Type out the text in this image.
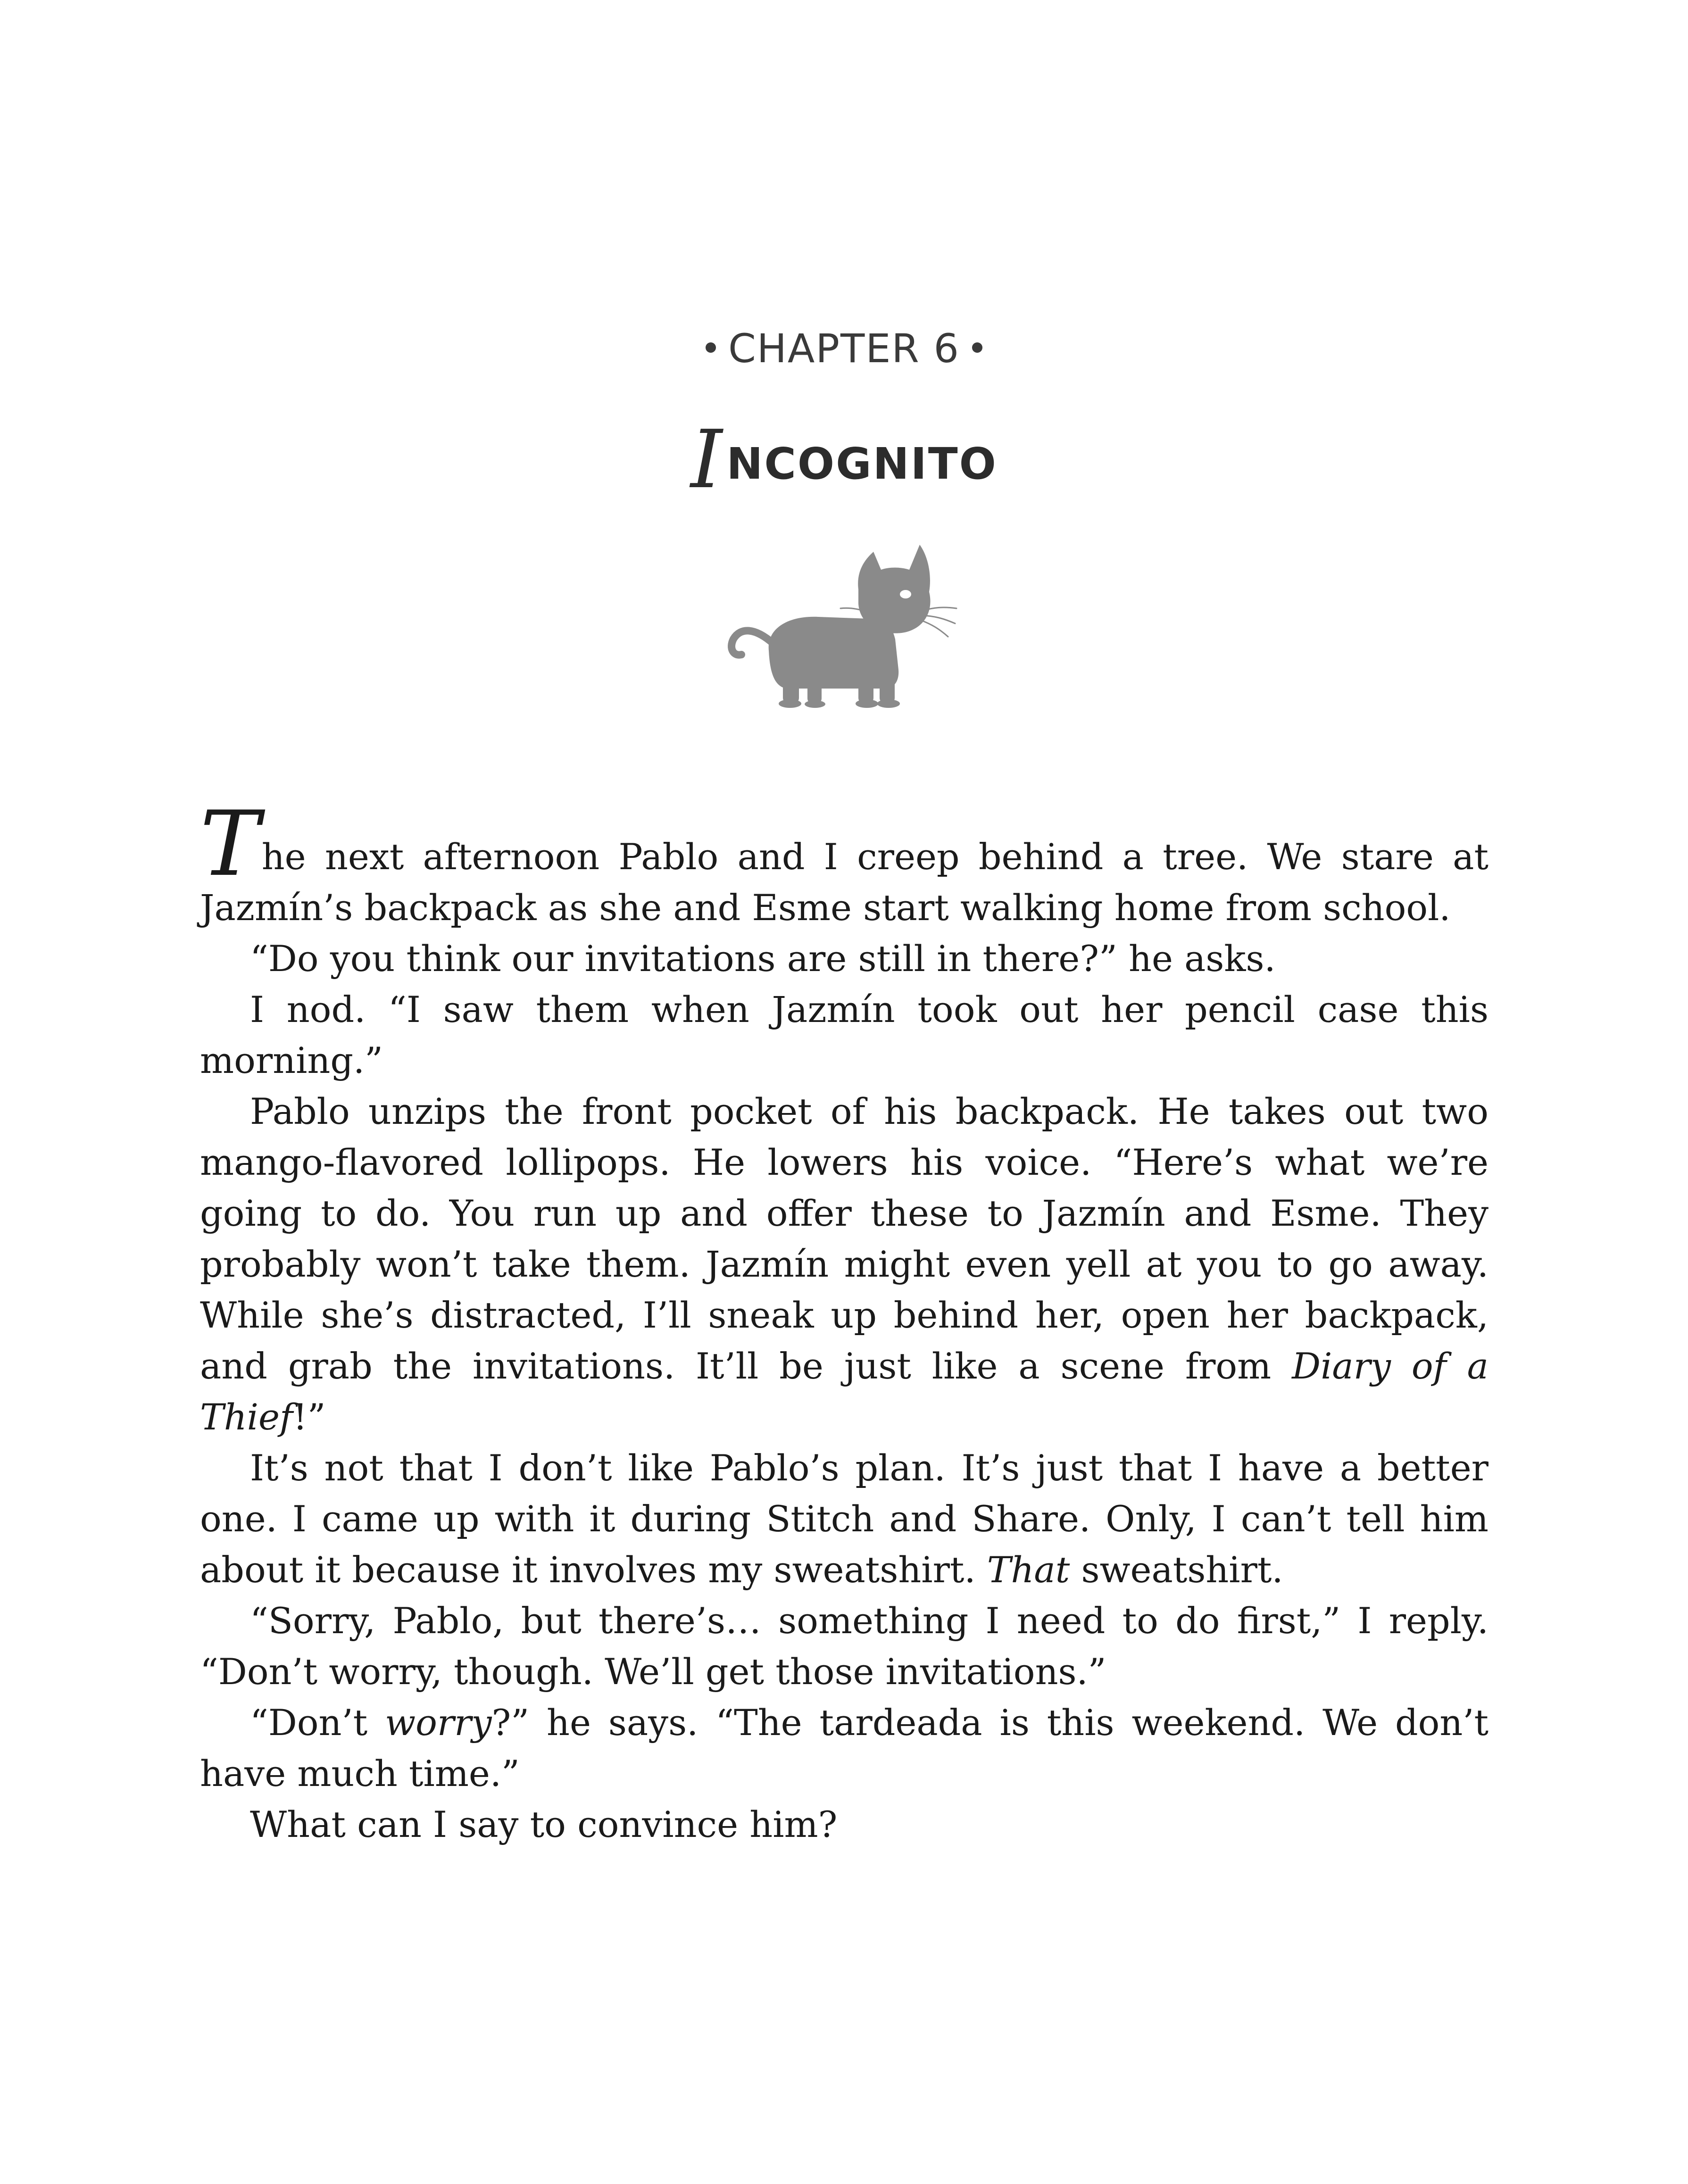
CHAPTER 6
INCOGNITO

The next afternoon Pablo and I creep behind a tree. We stare at Jazmín’s backpack as she and Esme start walking home from school.

“Do you think our invitations are still in there?” he asks.

I nod. “I saw them when Jazmín took out her pencil case this morning.”

Pablo unzips the front pocket of his backpack. He takes out two mango-flavored lollipops. He lowers his voice. “Here’s what we’re going to do. You run up and offer these to Jazmín and Esme. They probably won’t take them. Jazmín might even yell at you to go away. While she’s distracted, I’ll sneak up behind her, open her backpack, and grab the invitations. It’ll be just like a scene from Diary of a Thief!”

It’s not that I don’t like Pablo’s plan. It’s just that I have a better one. I came up with it during Stitch and Share. Only, I can’t tell him about it because it involves my sweatshirt. That sweatshirt.

“Sorry, Pablo, but there’s… something I need to do first,” I reply. “Don’t worry, though. We’ll get those invitations.”

“Don’t worry?” he says. “The tardeada is this weekend. We don’t have much time.”

What can I say to convince him?
